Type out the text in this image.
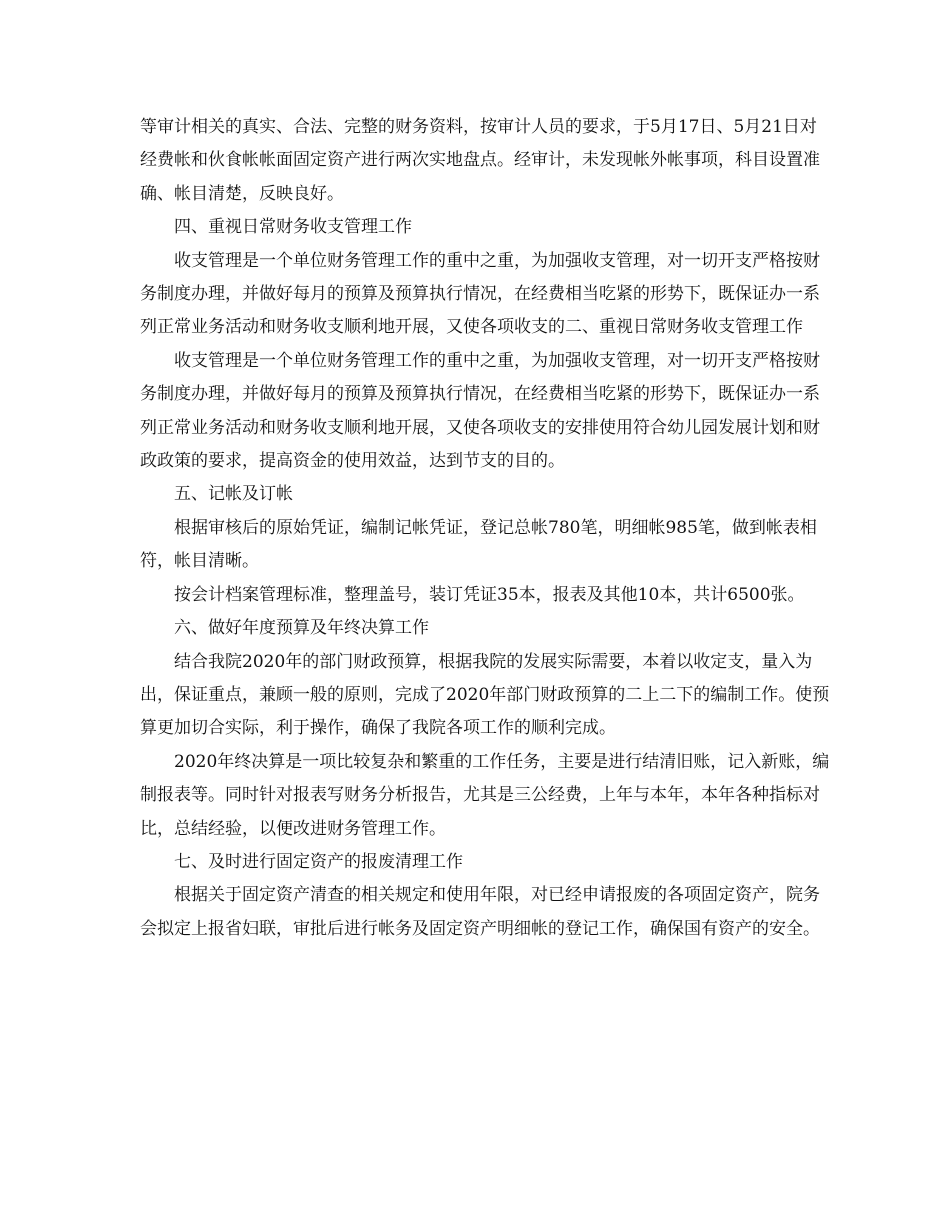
等审计相关的真实、合法、完整的财务资料，按审计人员的要求，于5月17日、5月21日对经费帐和伙食帐帐面固定资产进行两次实地盘点。经审计，未发现帐外帐事项，科目设置准确、帐目清楚，反映良好。

四、重视日常财务收支管理工作

收支管理是一个单位财务管理工作的重中之重，为加强收支管理，对一切开支严格按财务制度办理，并做好每月的预算及预算执行情况，在经费相当吃紧的形势下，既保证办一系列正常业务活动和财务收支顺利地开展，又使各项收支的二、重视日常财务收支管理工作

收支管理是一个单位财务管理工作的重中之重，为加强收支管理，对一切开支严格按财务制度办理，并做好每月的预算及预算执行情况，在经费相当吃紧的形势下，既保证办一系列正常业务活动和财务收支顺利地开展，又使各项收支的安排使用符合幼儿园发展计划和财政政策的要求，提高资金的使用效益，达到节支的目的。

五、记帐及订帐

根据审核后的原始凭证，编制记帐凭证，登记总帐780笔，明细帐985笔，做到帐表相符，帐目清晰。

按会计档案管理标准，整理盖号，装订凭证35本，报表及其他10本，共计6500张。

六、做好年度预算及年终决算工作

结合我院2020年的部门财政预算，根据我院的发展实际需要，本着以收定支，量入为出，保证重点，兼顾一般的原则，完成了2020年部门财政预算的二上二下的编制工作。使预算更加切合实际，利于操作，确保了我院各项工作的顺利完成。

2020年终决算是一项比较复杂和繁重的工作任务，主要是进行结清旧账，记入新账，编制报表等。同时针对报表写财务分析报告，尤其是三公经费，上年与本年，本年各种指标对比，总结经验，以便改进财务管理工作。

七、及时进行固定资产的报废清理工作

根据关于固定资产清查的相关规定和使用年限，对已经申请报废的各项固定资产，院务会拟定上报省妇联，审批后进行帐务及固定资产明细帐的登记工作，确保国有资产的安全。
